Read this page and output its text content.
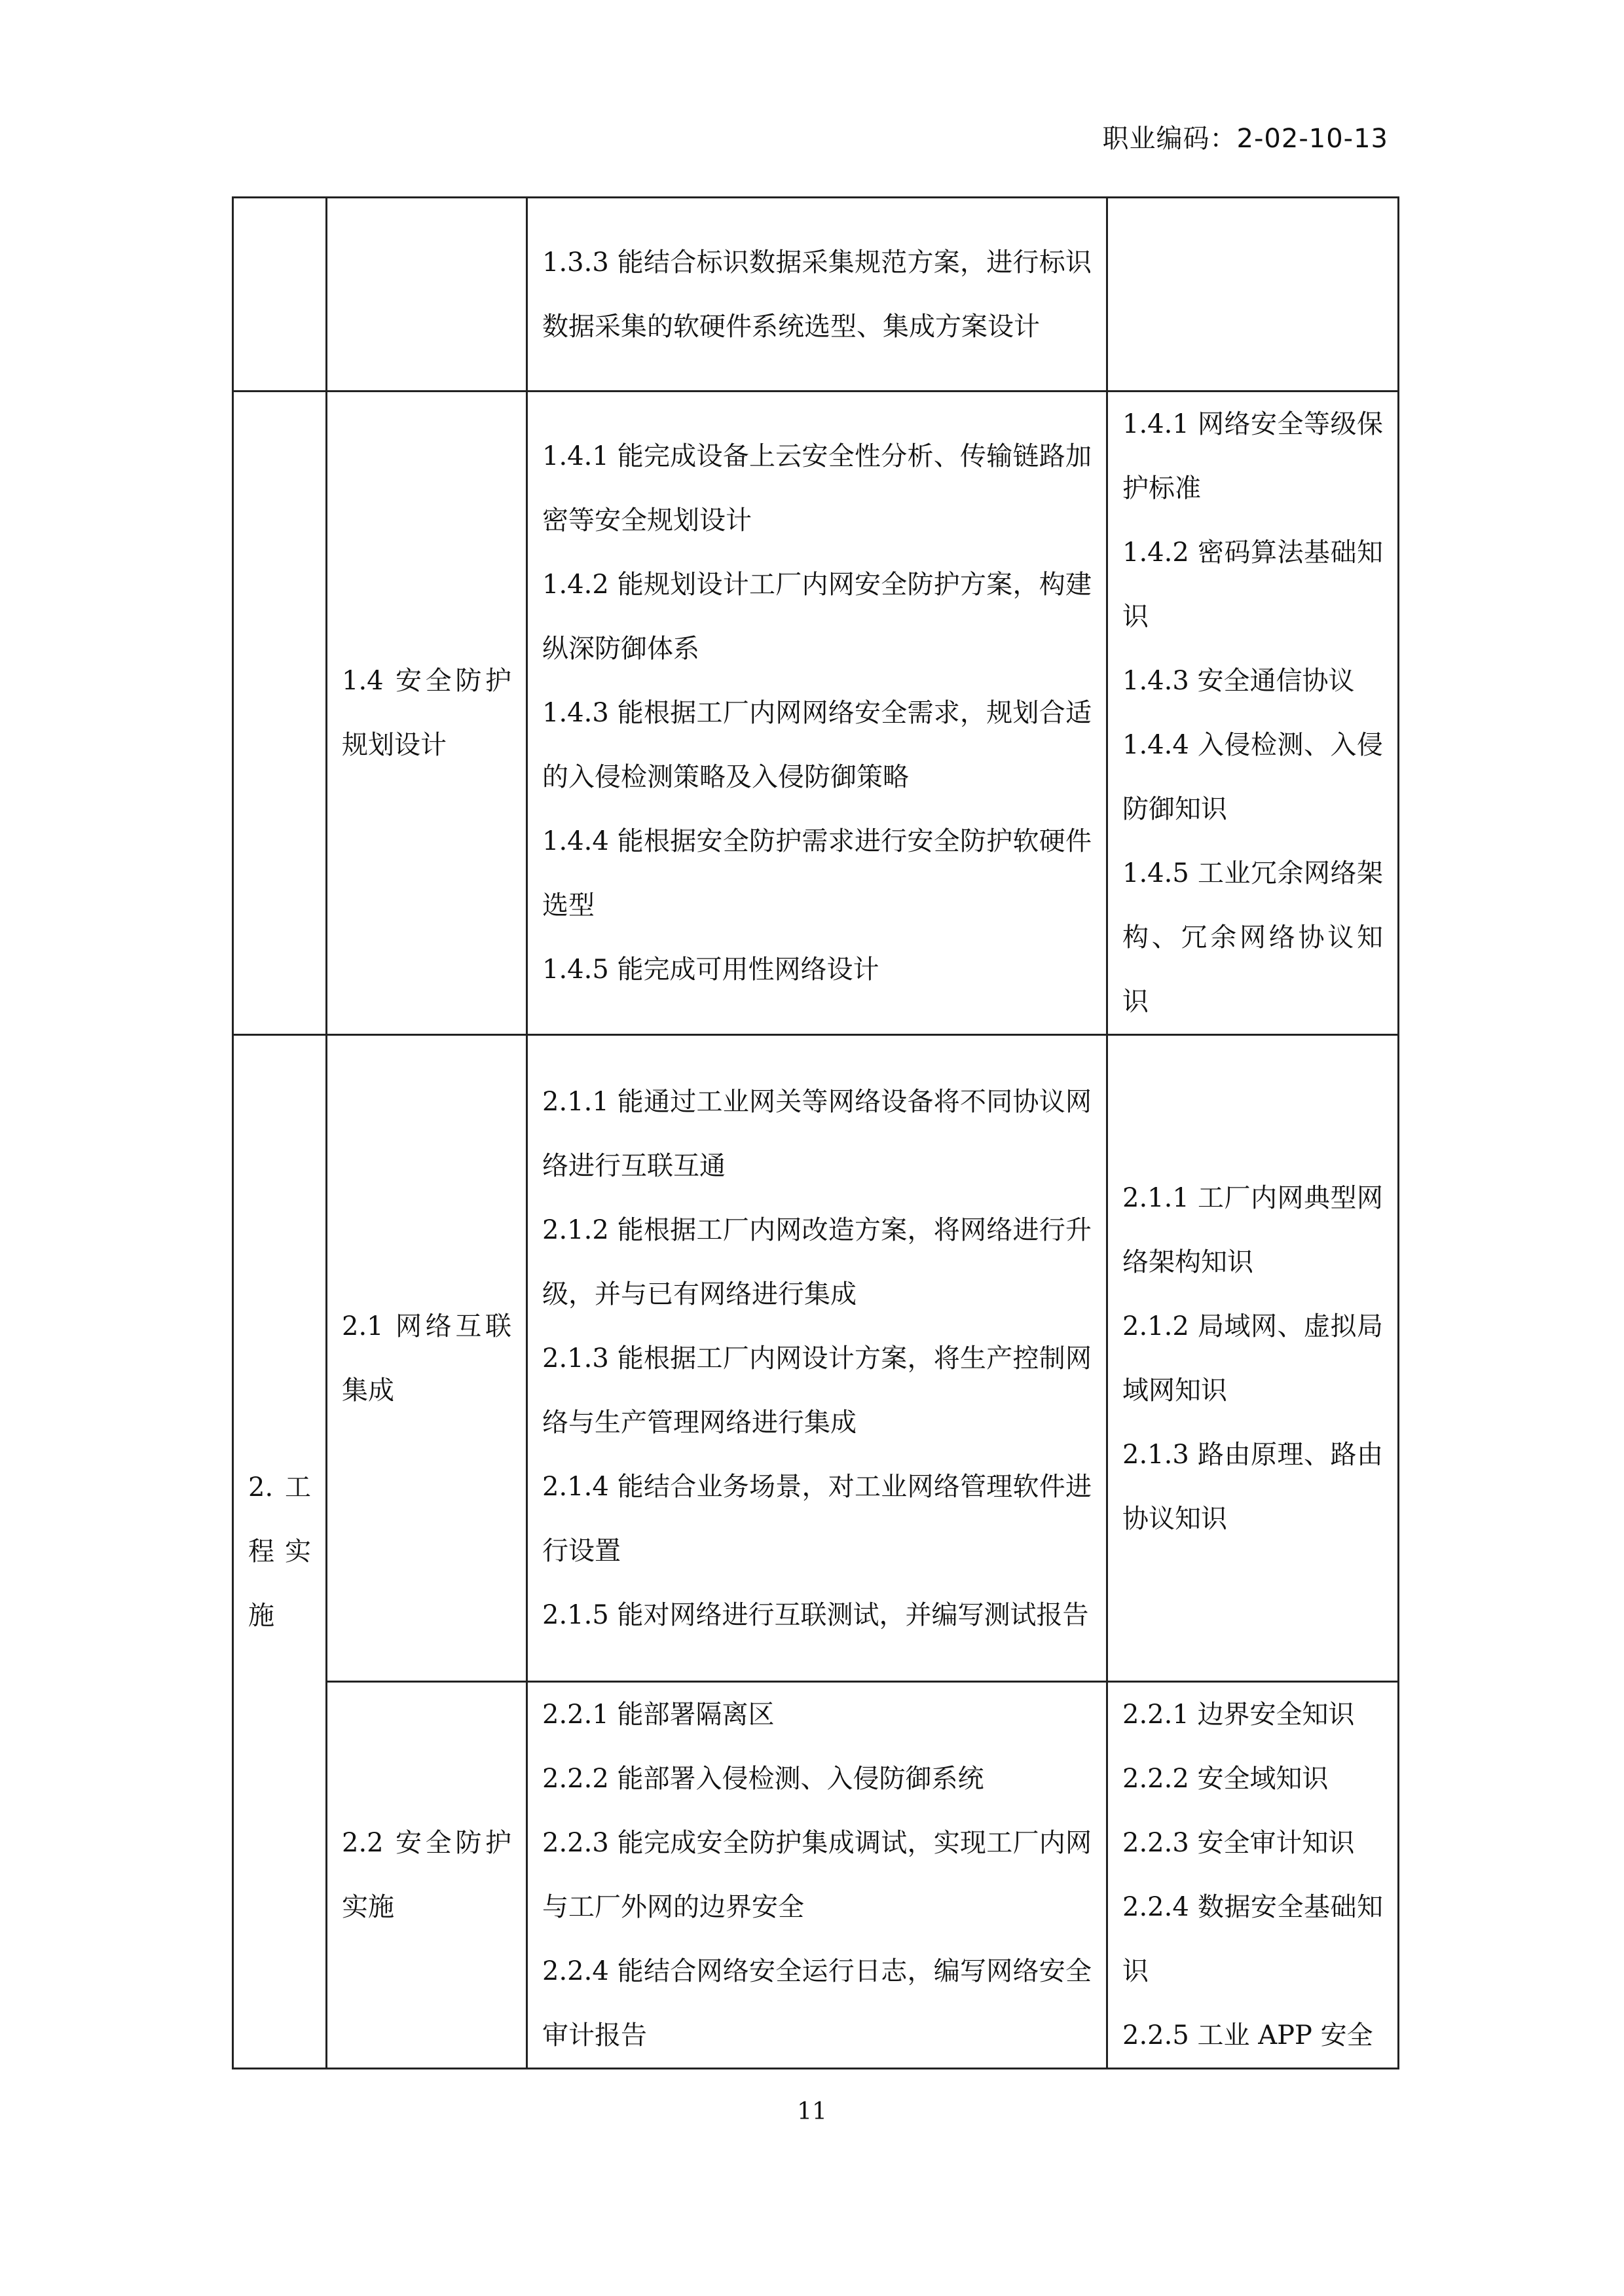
职业编码：2-02-10-13

		1.3.3 能结合标识数据采集规范方案，进行标识数据采集的软硬件系统选型、集成方案设计	

	1.4 安全防护规划设计	1.4.1 能完成设备上云安全性分析、传输链路加密等安全规划设计
1.4.2 能规划设计工厂内网安全防护方案，构建纵深防御体系
1.4.3 能根据工厂内网网络安全需求，规划合适的入侵检测策略及入侵防御策略
1.4.4 能根据安全防护需求进行安全防护软硬件选型
1.4.5 能完成可用性网络设计	1.4.1 网络安全等级保护标准
1.4.2 密码算法基础知识
1.4.3 安全通信协议
1.4.4 入侵检测、入侵防御知识
1.4.5 工业冗余网络架构、冗余网络协议知识

2. 工程实施	2.1 网络互联集成	2.1.1 能通过工业网关等网络设备将不同协议网络进行互联互通
2.1.2 能根据工厂内网改造方案，将网络进行升级，并与已有网络进行集成
2.1.3 能根据工厂内网设计方案，将生产控制网络与生产管理网络进行集成
2.1.4 能结合业务场景，对工业网络管理软件进行设置
2.1.5 能对网络进行互联测试，并编写测试报告	2.1.1 工厂内网典型网络架构知识
2.1.2 局域网、虚拟局域网知识
2.1.3 路由原理、路由协议知识

	2.2 安全防护实施	2.2.1 能部署隔离区
2.2.2 能部署入侵检测、入侵防御系统
2.2.3 能完成安全防护集成调试，实现工厂内网与工厂外网的边界安全
2.2.4 能结合网络安全运行日志，编写网络安全审计报告	2.2.1 边界安全知识
2.2.2 安全域知识
2.2.3 安全审计知识
2.2.4 数据安全基础知识
2.2.5 工业 APP 安全
11
